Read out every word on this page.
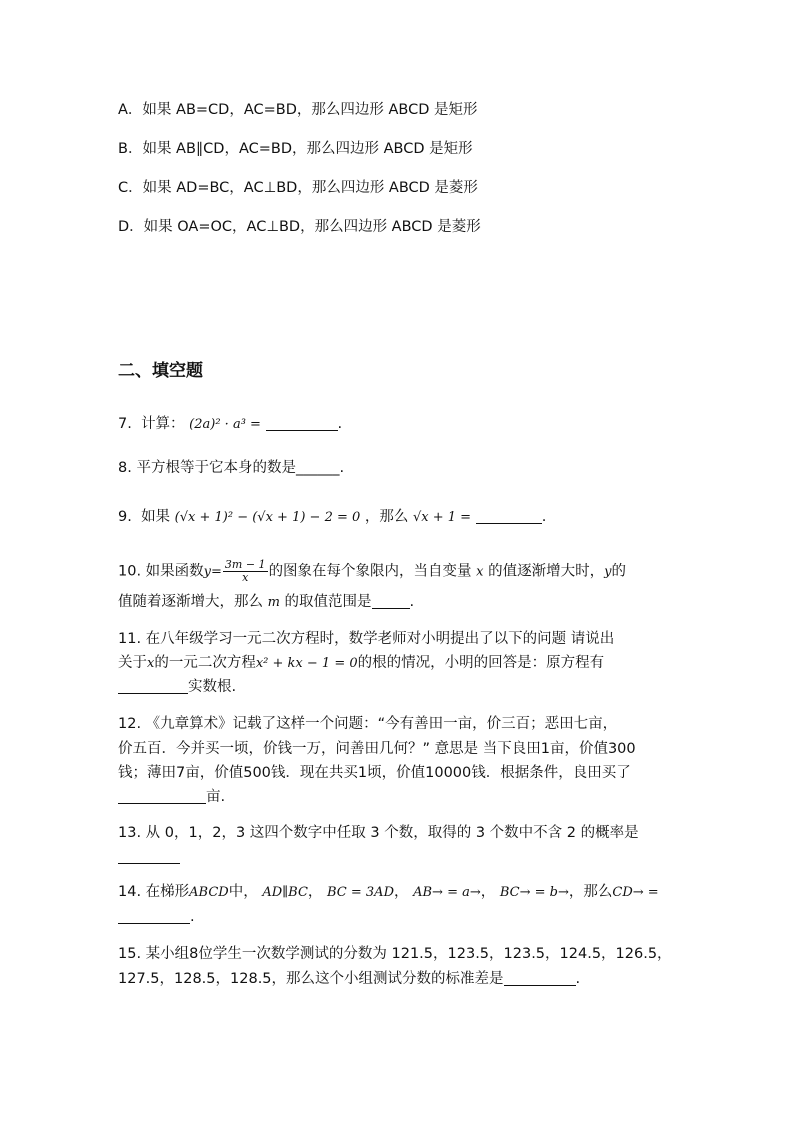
A．如果 AB=CD，AC=BD，那么四边形 ABCD 是矩形
B．如果 AB∥CD，AC=BD，那么四边形 ABCD 是矩形
C．如果 AD=BC，AC⊥BD，那么四边形 ABCD 是菱形
D．如果 OA=OC，AC⊥BD，那么四边形 ABCD 是菱形
二、填空题
7. 计算： (2a)² · a³ =	.
8. 平方根等于它本身的数是______.
9. 如果 (√x + 1)² − (√x + 1) − 2 = 0 ，那么 √x + 1 =	.
10. 如果函数$y= \frac{3m - 1}{x}$ 的图象在每个象限内，当自变量 x 的值逐渐增大时，y的
值随着逐渐增大，那么 m 的取值范围是	.
11. 在八年级学习一元二次方程时，数学老师对小明提出了以下的问题 请说出
关于x的一元二次方程x² + kx − 1 = 0的根的情况，小明的回答是：原方程有
实数根.
12. 《九章算术》记载了这样一个问题：“今有善田一亩，价三百；恶田七亩，
价五百．今并买一顷，价钱一万，问善田几何？” 意思是 当下良田1亩，价值300
钱；薄田7亩，价值500钱．现在共买1顷，价值10000钱．根据条件，良田买了
亩.
13. 从 0，1，2，3 这四个数字中任取 3 个数，取得的 3 个数中不含 2 的概率是
14. 在梯形ABCD中， AD∥BC， BC = 3AD， AB→ = a→， BC→ = b→，那么CD→ =
.
15. 某小组8位学生一次数学测试的分数为 121.5，123.5，123.5，124.5，126.5，
127.5，128.5，128.5，那么这个小组测试分数的标准差是	.
